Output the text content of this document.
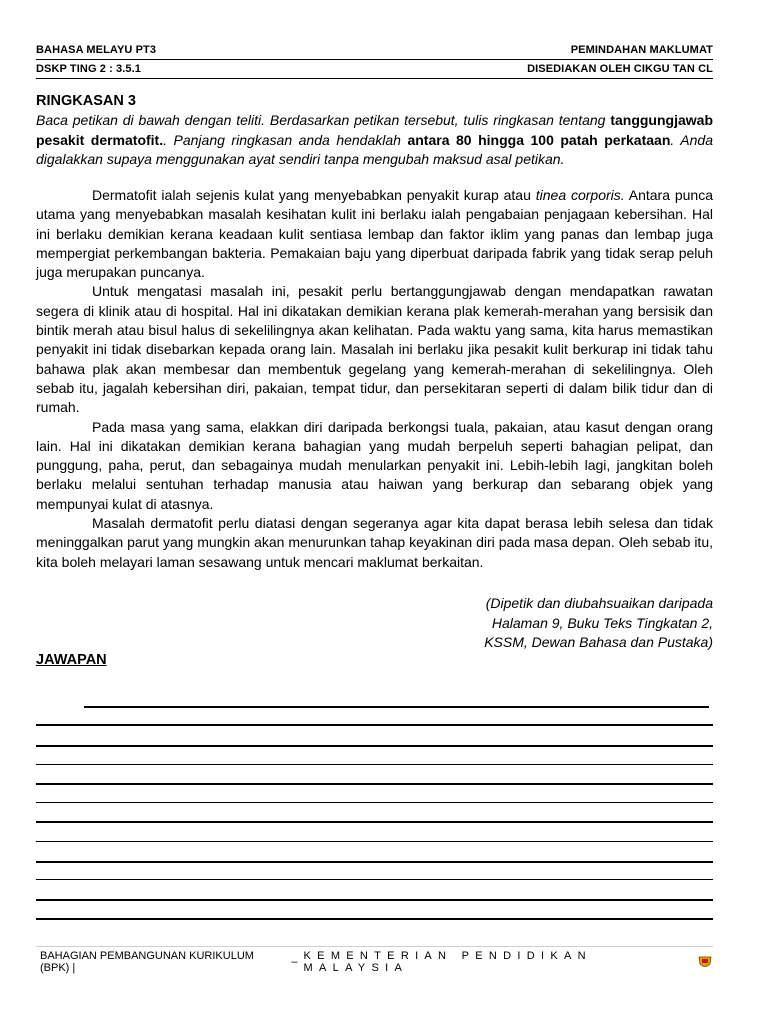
BAHASA MELAYU PT3	PEMINDAHAN MAKLUMAT
DSKP TING 2 : 3.5.1	DISEDIAKAN OLEH CIKGU TAN CL
RINGKASAN 3

Baca petikan di bawah dengan teliti. Berdasarkan petikan tersebut, tulis ringkasan tentang tanggungjawab pesakit dermatofit.. Panjang ringkasan anda hendaklah antara 80 hingga 100 patah perkataan. Anda digalakkan supaya menggunakan ayat sendiri tanpa mengubah maksud asal petikan.

Dermatofit ialah sejenis kulat yang menyebabkan penyakit kurap atau tinea corporis. Antara punca utama yang menyebabkan masalah kesihatan kulit ini berlaku ialah pengabaian penjagaan kebersihan. Hal ini berlaku demikian kerana keadaan kulit sentiasa lembap dan faktor iklim yang panas dan lembap juga mempergiat perkembangan bakteria. Pemakaian baju yang diperbuat daripada fabrik yang tidak serap peluh juga merupakan puncanya.

Untuk mengatasi masalah ini, pesakit perlu bertanggungjawab dengan mendapatkan rawatan segera di klinik atau di hospital. Hal ini dikatakan demikian kerana plak kemerah-merahan yang bersisik dan bintik merah atau bisul halus di sekelilingnya akan kelihatan. Pada waktu yang sama, kita harus memastikan penyakit ini tidak disebarkan kepada orang lain. Masalah ini berlaku jika pesakit kulit berkurap ini tidak tahu bahawa plak akan membesar dan membentuk gegelang yang kemerah-merahan di sekelilingnya. Oleh sebab itu, jagalah kebersihan diri, pakaian, tempat tidur, dan persekitaran seperti di dalam bilik tidur dan di rumah.

Pada masa yang sama, elakkan diri daripada berkongsi tuala, pakaian, atau kasut dengan orang lain. Hal ini dikatakan demikian kerana bahagian yang mudah berpeluh seperti bahagian pelipat, dan punggung, paha, perut, dan sebagainya mudah menularkan penyakit ini. Lebih-lebih lagi, jangkitan boleh berlaku melalui sentuhan terhadap manusia atau haiwan yang berkurap dan sebarang objek yang mempunyai kulat di atasnya.

Masalah dermatofit perlu diatasi dengan segeranya agar kita dapat berasa lebih selesa dan tidak meninggalkan parut yang mungkin akan menurunkan tahap keyakinan diri pada masa depan. Oleh sebab itu, kita boleh melayari laman sesawang untuk mencari maklumat berkaitan.

(Dipetik dan diubahsuaikan daripada
Halaman 9, Buku Teks Tingkatan 2,
KSSM, Dewan Bahasa dan Pustaka)
JAWAPAN
BAHAGIAN PEMBANGUNAN KURIKULUM (BPK) |	– KEMENTERIAN PENDIDIKAN MALAYSIA
